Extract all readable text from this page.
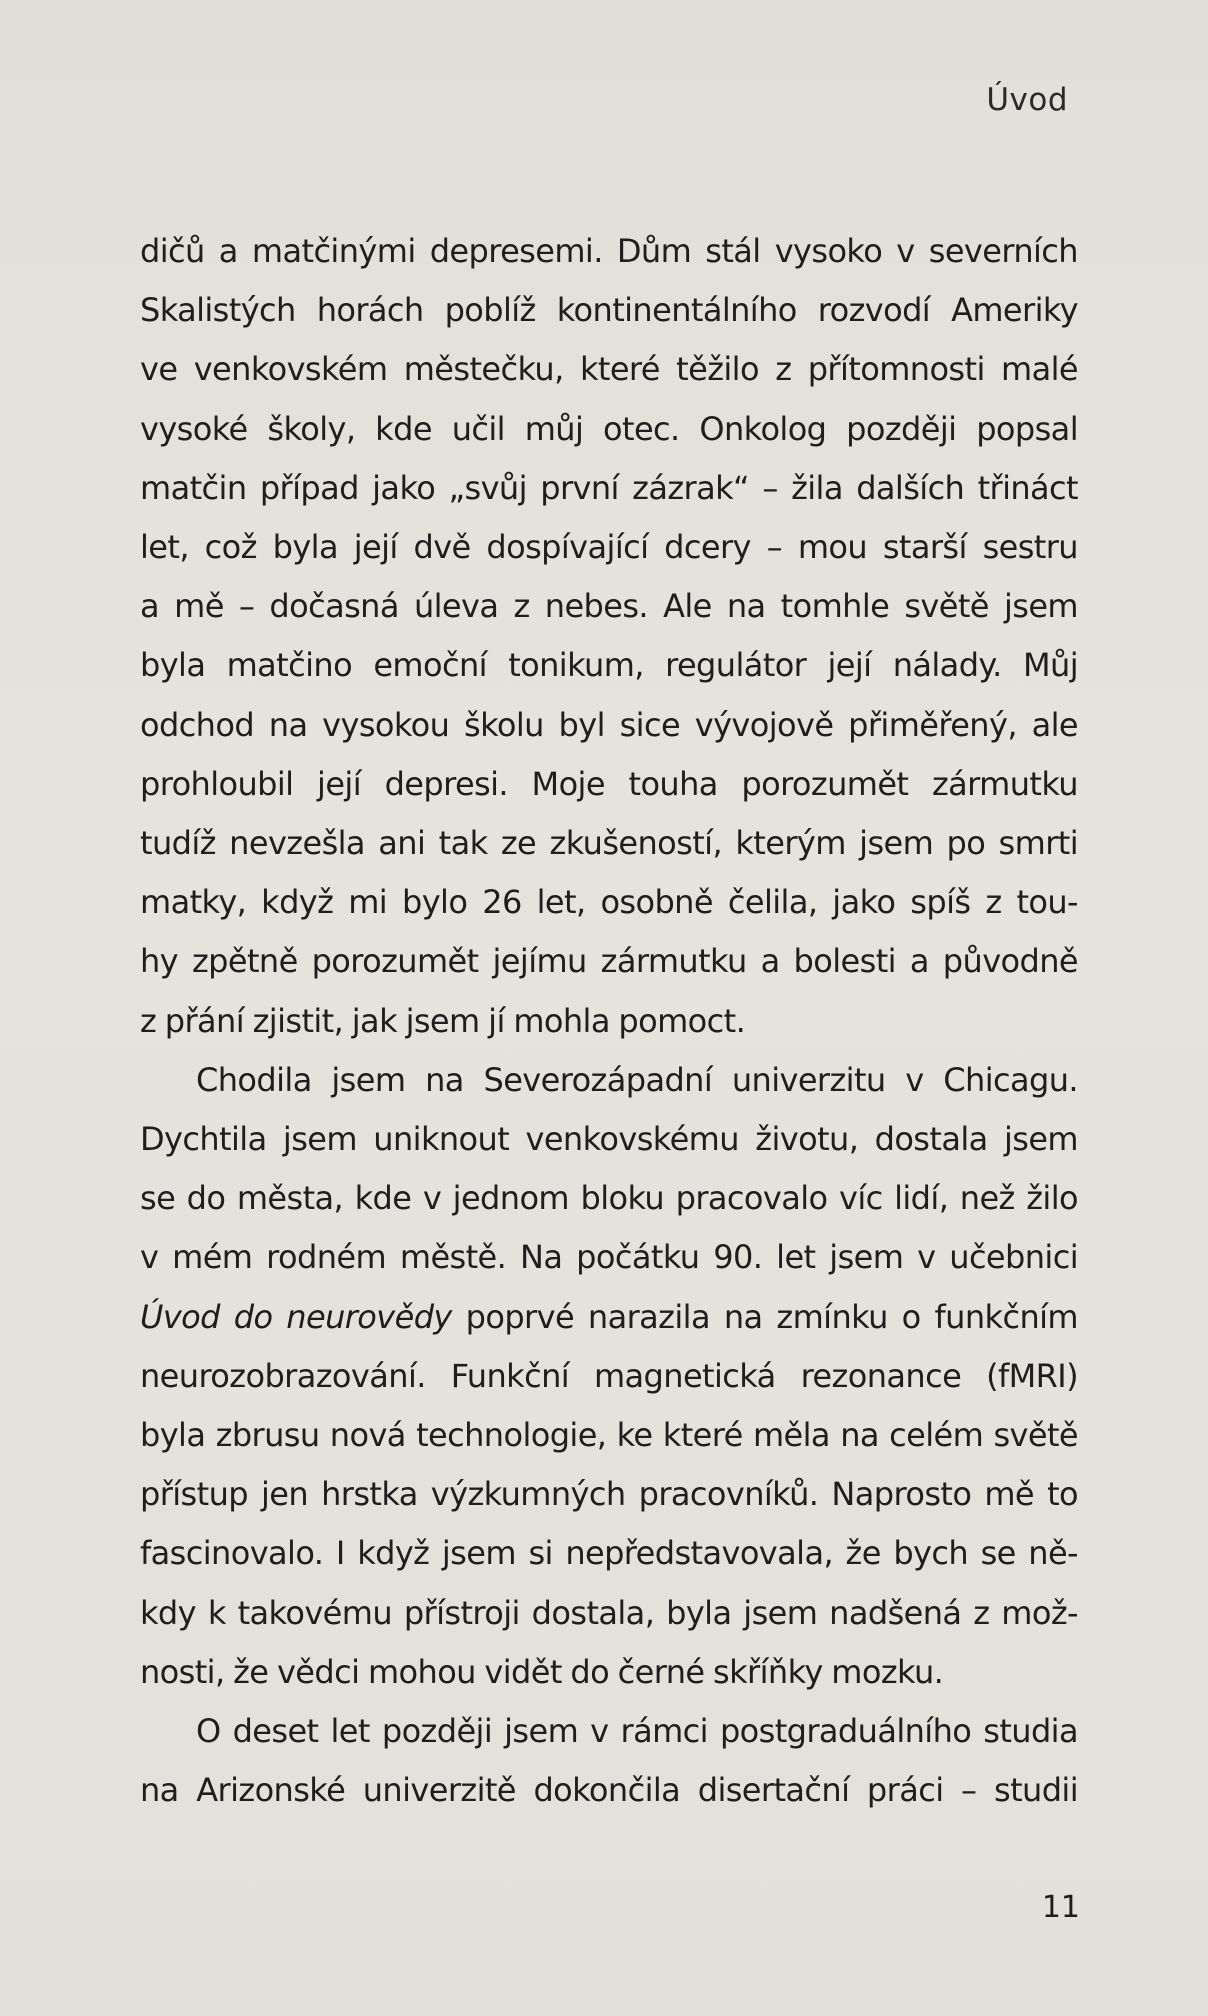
Úvod

dičů a matčinými depresemi. Dům stál vysoko v severních
Skalistých horách poblíž kontinentálního rozvodí Ameriky
ve venkovském městečku, které těžilo z přítomnosti malé
vysoké školy, kde učil můj otec. Onkolog později popsal
matčin případ jako „svůj první zázrak“ – žila dalších třináct
let, což byla její dvě dospívající dcery – mou starší sestru
a mě – dočasná úleva z nebes. Ale na tomhle světě jsem
byla matčino emoční tonikum, regulátor její nálady. Můj
odchod na vysokou školu byl sice vývojově přiměřený, ale
prohloubil její depresi. Moje touha porozumět zármutku
tudíž nevzešla ani tak ze zkušeností, kterým jsem po smrti
matky, když mi bylo 26 let, osobně čelila, jako spíš z tou-
hy zpětně porozumět jejímu zármutku a bolesti a původně
z přání zjistit, jak jsem jí mohla pomoct.

Chodila jsem na Severozápadní univerzitu v Chicagu.
Dychtila jsem uniknout venkovskému životu, dostala jsem
se do města, kde v jednom bloku pracovalo víc lidí, než žilo
v mém rodném městě. Na počátku 90. let jsem v učebnici
Úvod do neurovědy poprvé narazila na zmínku o funkčním
neurozobrazování. Funkční magnetická rezonance (fMRI)
byla zbrusu nová technologie, ke které měla na celém světě
přístup jen hrstka výzkumných pracovníků. Naprosto mě to
fascinovalo. I když jsem si nepředstavovala, že bych se ně-
kdy k takovému přístroji dostala, byla jsem nadšená z mož-
nosti, že vědci mohou vidět do černé skříňky mozku.

O deset let později jsem v rámci postgraduálního studia
na Arizonské univerzitě dokončila disertační práci – studii

11
